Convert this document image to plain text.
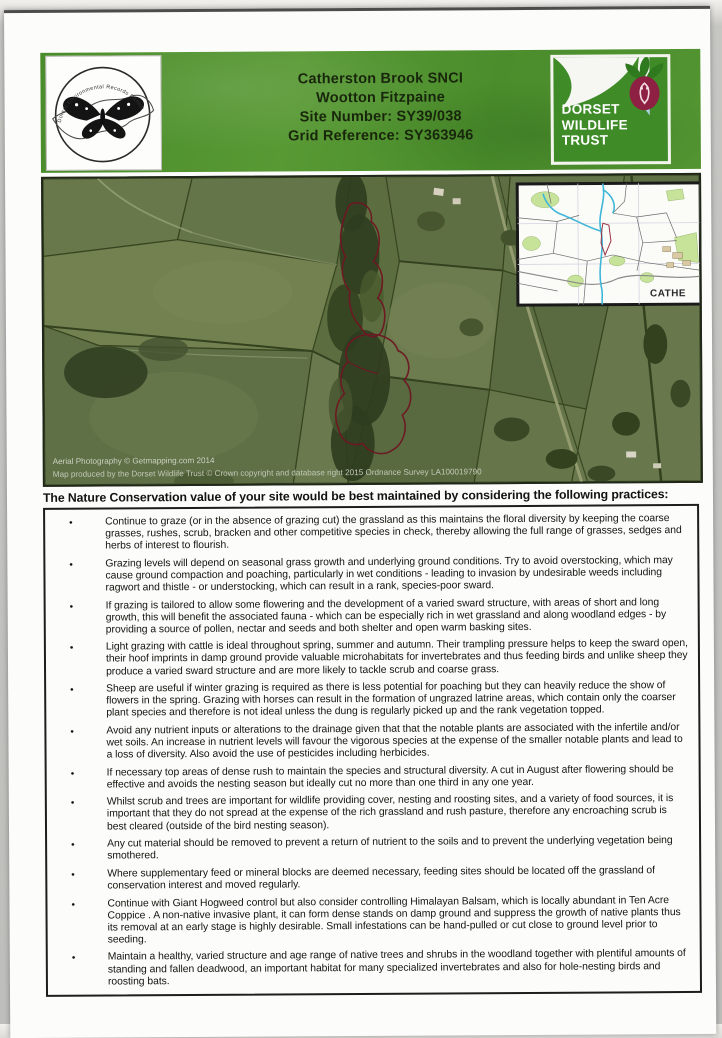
Dorset Environmental Records Centre
Catherston Brook SNCI
Wootton Fitzpaine
Site Number: SY39/038
Grid Reference: SY363946
DORSET
WILDLIFE
TRUST
CATHE
Aerial Photography © Getmapping.com 2014
Map produced by the Dorset Wildlife Trust © Crown copyright and database right 2015 Ordnance Survey LA100019790
The Nature Conservation value of your site would be best maintained by considering the following practices:
•	Continue to graze (or in the absence of grazing cut) the grassland as this maintains the floral diversity by keeping the coarse grasses, rushes, scrub, bracken and other competitive species in check, thereby allowing the full range of grasses, sedges and herbs of interest to flourish.
•	Grazing levels will depend on seasonal grass growth and underlying ground conditions. Try to avoid overstocking, which may cause ground compaction and poaching, particularly in wet conditions - leading to invasion by undesirable weeds including ragwort and thistle - or understocking, which can result in a rank, species-poor sward.
•	If grazing is tailored to allow some flowering and the development of a varied sward structure, with areas of short and long growth, this will benefit the associated fauna - which can be especially rich in wet grassland and along woodland edges - by providing a source of pollen, nectar and seeds and both shelter and open warm basking sites.
•	Light grazing with cattle is ideal throughout spring, summer and autumn. Their trampling pressure helps to keep the sward open, their hoof imprints in damp ground provide valuable microhabitats for invertebrates and thus feeding birds and unlike sheep they produce a varied sward structure and are more likely to tackle scrub and coarse grass.
•	Sheep are useful if winter grazing is required as there is less potential for poaching but they can heavily reduce the show of flowers in the spring. Grazing with horses can result in the formation of ungrazed latrine areas, which contain only the coarser plant species and therefore is not ideal unless the dung is regularly picked up and the rank vegetation topped.
•	Avoid any nutrient inputs or alterations to the drainage given that that the notable plants are associated with the infertile and/or wet soils. An increase in nutrient levels will favour the vigorous species at the expense of the smaller notable plants and lead to a loss of diversity. Also avoid the use of pesticides including herbicides.
•	If necessary top areas of dense rush to maintain the species and structural diversity. A cut in August after flowering should be effective and avoids the nesting season but ideally cut no more than one third in any one year.
•	Whilst scrub and trees are important for wildlife providing cover, nesting and roosting sites, and a variety of food sources, it is important that they do not spread at the expense of the rich grassland and rush pasture, therefore any encroaching scrub is best cleared (outside of the bird nesting season).
•	Any cut material should be removed to prevent a return of nutrient to the soils and to prevent the underlying vegetation being smothered.
•	Where supplementary feed or mineral blocks are deemed necessary, feeding sites should be located off the grassland of conservation interest and moved regularly.
•	Continue with Giant Hogweed control but also consider controlling Himalayan Balsam, which is locally abundant in Ten Acre Coppice . A non-native invasive plant, it can form dense stands on damp ground and suppress the growth of native plants thus its removal at an early stage is highly desirable. Small infestations can be hand-pulled or cut close to ground level prior to seeding.
•	Maintain a healthy, varied structure and age range of native trees and shrubs in the woodland together with plentiful amounts of standing and fallen deadwood, an important habitat for many specialized invertebrates and also for hole-nesting birds and roosting bats.
